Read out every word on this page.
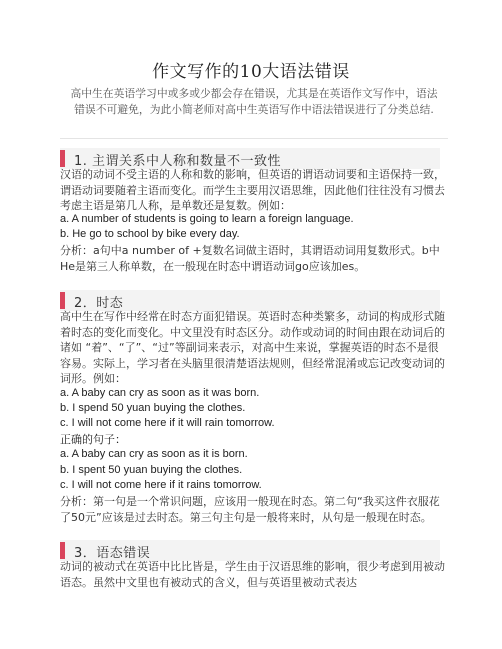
作文写作的10大语法错误
高中生在英语学习中或多或少都会存在错误，尤其是在英语作文写作中，语法错误不可避免，为此小简老师对高中生英语写作中语法错误进行了分类总结.
1. 主谓关系中人称和数量不一致性
汉语的动词不受主语的人称和数的影响，但英语的谓语动词要和主语保持一致，谓语动词要随着主语而变化。而学生主要用汉语思维，因此他们往往没有习惯去考虑主语是第几人称，是单数还是复数。例如：
a. A number of students is going to learn a foreign language.
b. He go to school by bike every day.
分析：a句中a number of +复数名词做主语时，其谓语动词用复数形式。b中 He是第三人称单数，在一般现在时态中谓语动词go应该加es。
2．时态
高中生在写作中经常在时态方面犯错误。英语时态种类繁多，动词的构成形式随着时态的变化而变化。中文里没有时态区分。动作或动词的时间由跟在动词后的诸如 “着”、“了”、“过”等副词来表示，对高中生来说，掌握英语的时态不是很容易。实际上，学习者在头脑里很清楚语法规则，但经常混淆或忘记改变动词的词形。例如：
a. A baby can cry as soon as it was born.
b. I spend 50 yuan buying the clothes.
c. I will not come here if it will rain tomorrow.
正确的句子：
a. A baby can cry as soon as it is born.
b. I spent 50 yuan buying the clothes.
c. I will not come here if it rains tomorrow.
分析：第一句是一个常识问题，应该用一般现在时态。第二句“我买这件衣服花了50元”应该是过去时态。第三句主句是一般将来时，从句是一般现在时态。
3．语态错误
动词的被动式在英语中比比皆是，学生由于汉语思维的影响，很少考虑到用被动语态。虽然中文里也有被动式的含义，但与英语里被动式表达
